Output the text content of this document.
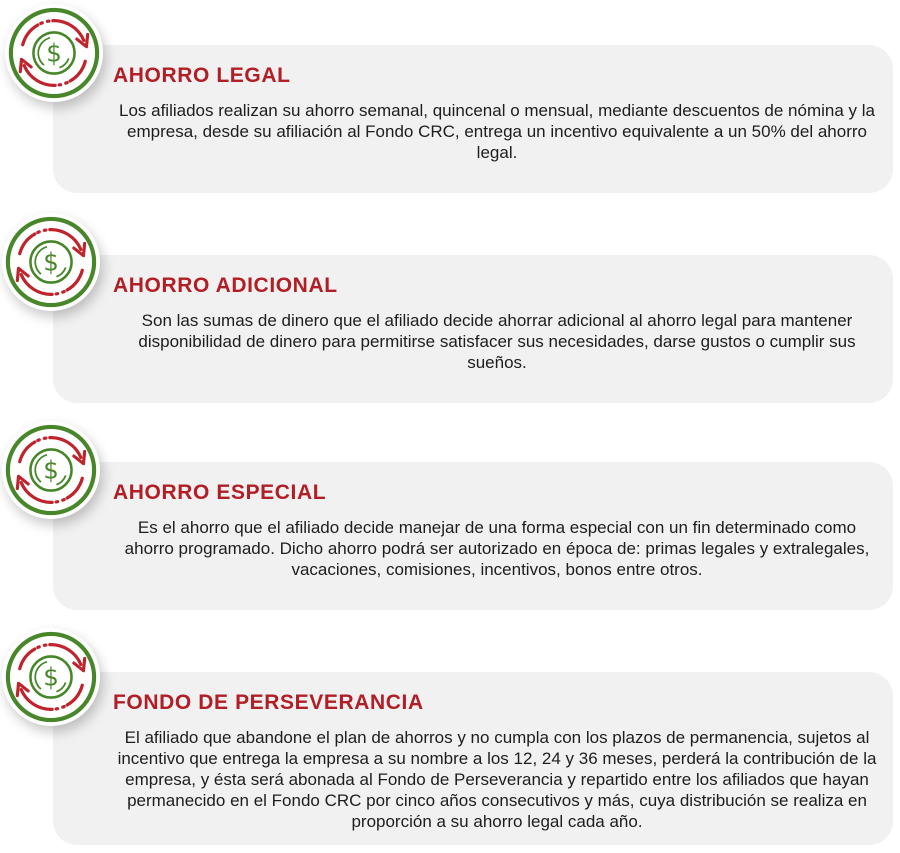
AHORRO LEGAL

Los afiliados realizan su ahorro semanal, quincenal o mensual, mediante descuentos de nómina y la empresa, desde su afiliación al Fondo CRC, entrega un incentivo equivalente a un 50% del ahorro legal.

AHORRO ADICIONAL

Son las sumas de dinero que el afiliado decide ahorrar adicional al ahorro legal para mantener disponibilidad de dinero para permitirse satisfacer sus necesidades, darse gustos o cumplir sus sueños.

AHORRO ESPECIAL

Es el ahorro que el afiliado decide manejar de una forma especial con un fin determinado como ahorro programado. Dicho ahorro podrá ser autorizado en época de: primas legales y extralegales, vacaciones, comisiones, incentivos, bonos entre otros.

FONDO DE PERSEVERANCIA

El afiliado que abandone el plan de ahorros y no cumpla con los plazos de permanencia, sujetos al incentivo que entrega la empresa a su nombre a los 12, 24 y 36 meses, perderá la contribución de la empresa, y ésta será abonada al Fondo de Perseverancia y repartido entre los afiliados que hayan permanecido en el Fondo CRC por cinco años consecutivos y más, cuya distribución se realiza en proporción a su ahorro legal cada año.

$
$
$
$
